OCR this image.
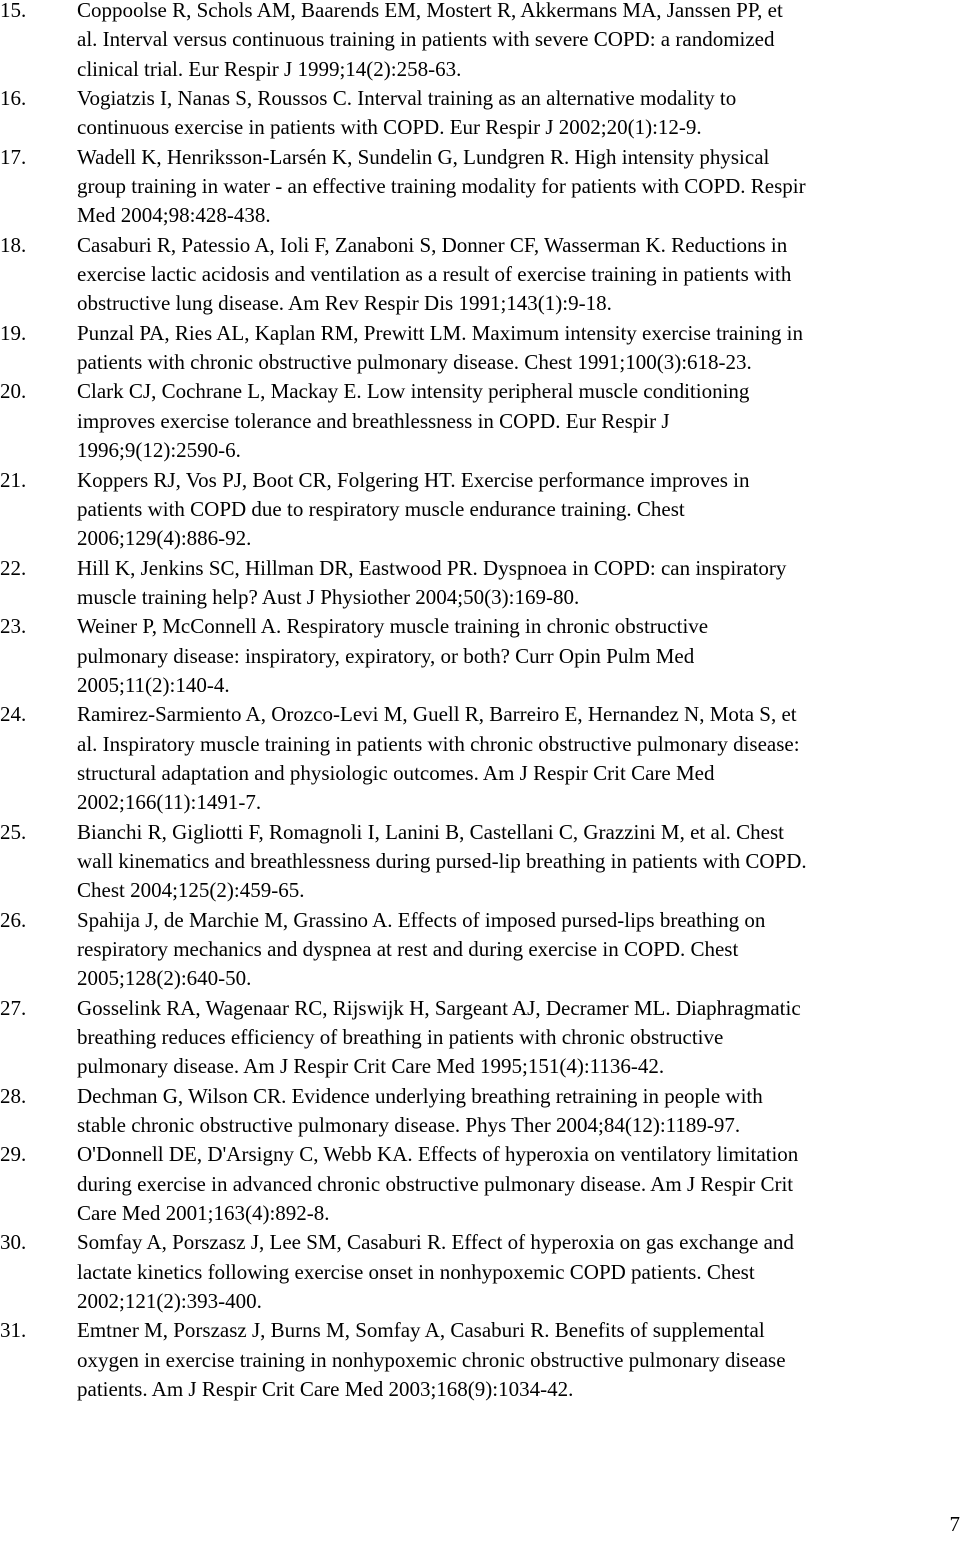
15. Coppoolse R, Schols AM, Baarends EM, Mostert R, Akkermans MA, Janssen PP, et
al. Interval versus continuous training in patients with severe COPD: a randomized
clinical trial. Eur Respir J 1999;14(2):258-63.
16. Vogiatzis I, Nanas S, Roussos C. Interval training as an alternative modality to
continuous exercise in patients with COPD. Eur Respir J 2002;20(1):12-9.
17. Wadell K, Henriksson-Larsén K, Sundelin G, Lundgren R. High intensity physical
group training in water - an effective training modality for patients with COPD. Respir
Med 2004;98:428-438.
18. Casaburi R, Patessio A, Ioli F, Zanaboni S, Donner CF, Wasserman K. Reductions in
exercise lactic acidosis and ventilation as a result of exercise training in patients with
obstructive lung disease. Am Rev Respir Dis 1991;143(1):9-18.
19. Punzal PA, Ries AL, Kaplan RM, Prewitt LM. Maximum intensity exercise training in
patients with chronic obstructive pulmonary disease. Chest 1991;100(3):618-23.
20. Clark CJ, Cochrane L, Mackay E. Low intensity peripheral muscle conditioning
improves exercise tolerance and breathlessness in COPD. Eur Respir J
1996;9(12):2590-6.
21. Koppers RJ, Vos PJ, Boot CR, Folgering HT. Exercise performance improves in
patients with COPD due to respiratory muscle endurance training. Chest
2006;129(4):886-92.
22. Hill K, Jenkins SC, Hillman DR, Eastwood PR. Dyspnoea in COPD: can inspiratory
muscle training help? Aust J Physiother 2004;50(3):169-80.
23. Weiner P, McConnell A. Respiratory muscle training in chronic obstructive
pulmonary disease: inspiratory, expiratory, or both? Curr Opin Pulm Med
2005;11(2):140-4.
24. Ramirez-Sarmiento A, Orozco-Levi M, Guell R, Barreiro E, Hernandez N, Mota S, et
al. Inspiratory muscle training in patients with chronic obstructive pulmonary disease:
structural adaptation and physiologic outcomes. Am J Respir Crit Care Med
2002;166(11):1491-7.
25. Bianchi R, Gigliotti F, Romagnoli I, Lanini B, Castellani C, Grazzini M, et al. Chest
wall kinematics and breathlessness during pursed-lip breathing in patients with COPD.
Chest 2004;125(2):459-65.
26. Spahija J, de Marchie M, Grassino A. Effects of imposed pursed-lips breathing on
respiratory mechanics and dyspnea at rest and during exercise in COPD. Chest
2005;128(2):640-50.
27. Gosselink RA, Wagenaar RC, Rijswijk H, Sargeant AJ, Decramer ML. Diaphragmatic
breathing reduces efficiency of breathing in patients with chronic obstructive
pulmonary disease. Am J Respir Crit Care Med 1995;151(4):1136-42.
28. Dechman G, Wilson CR. Evidence underlying breathing retraining in people with
stable chronic obstructive pulmonary disease. Phys Ther 2004;84(12):1189-97.
29. O'Donnell DE, D'Arsigny C, Webb KA. Effects of hyperoxia on ventilatory limitation
during exercise in advanced chronic obstructive pulmonary disease. Am J Respir Crit
Care Med 2001;163(4):892-8.
30. Somfay A, Porszasz J, Lee SM, Casaburi R. Effect of hyperoxia on gas exchange and
lactate kinetics following exercise onset in nonhypoxemic COPD patients. Chest
2002;121(2):393-400.
31. Emtner M, Porszasz J, Burns M, Somfay A, Casaburi R. Benefits of supplemental
oxygen in exercise training in nonhypoxemic chronic obstructive pulmonary disease
patients. Am J Respir Crit Care Med 2003;168(9):1034-42.
7
